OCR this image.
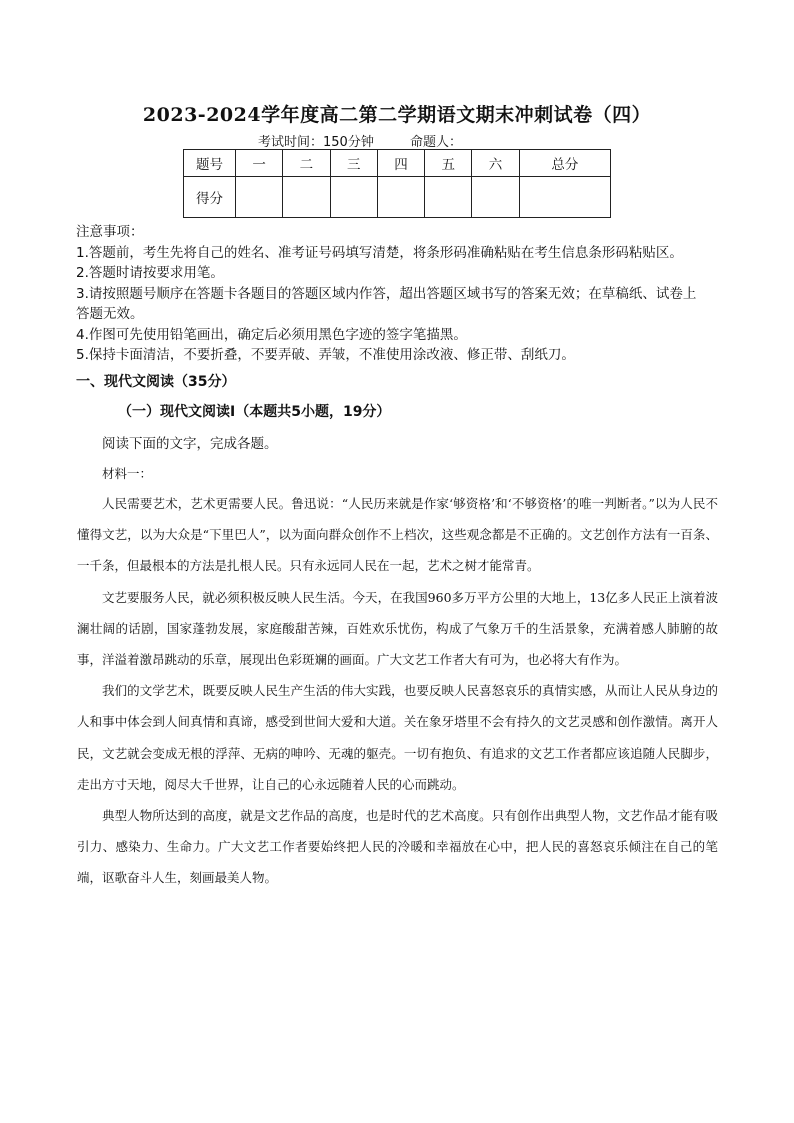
2023-2024学年度高二第二学期语文期末冲刺试卷（四）
考试时间：150分钟	命题人：
题号	一	二	三	四	五	六	总分
得分							
注意事项：
1.答题前，考生先将自己的姓名、准考证号码填写清楚，将条形码准确粘贴在考生信息条形码粘贴区。
2.答题时请按要求用笔。
3.请按照题号顺序在答题卡各题目的答题区域内作答，超出答题区域书写的答案无效；在草稿纸、试卷上
答题无效。
4.作图可先使用铅笔画出，确定后必须用黑色字迹的签字笔描黑。
5.保持卡面清洁，不要折叠，不要弄破、弄皱，不准使用涂改液、修正带、刮纸刀。
一、现代文阅读（35分）
（一）现代文阅读I（本题共5小题，19分）
阅读下面的文字，完成各题。
材料一：

人民需要艺术，艺术更需要人民。鲁迅说：“人民历来就是作家‘够资格’和‘不够资格’的唯一判断者。”以为人民不懂得文艺，以为大众是“下里巴人”，以为面向群众创作不上档次，这些观念都是不正确的。文艺创作方法有一百条、一千条，但最根本的方法是扎根人民。只有永远同人民在一起，艺术之树才能常青。

文艺要服务人民，就必须积极反映人民生活。今天，在我国960多万平方公里的大地上，13亿多人民正上演着波澜壮阔的话剧，国家蓬勃发展，家庭酸甜苦辣，百姓欢乐忧伤，构成了气象万千的生活景象，充满着感人肺腑的故事，洋溢着激昂跳动的乐章，展现出色彩斑斓的画面。广大文艺工作者大有可为，也必将大有作为。

我们的文学艺术，既要反映人民生产生活的伟大实践，也要反映人民喜怒哀乐的真情实感，从而让人民从身边的人和事中体会到人间真情和真谛，感受到世间大爱和大道。关在象牙塔里不会有持久的文艺灵感和创作激情。离开人民，文艺就会变成无根的浮萍、无病的呻吟、无魂的躯壳。一切有抱负、有追求的文艺工作者都应该追随人民脚步，走出方寸天地，阅尽大千世界，让自己的心永远随着人民的心而跳动。

典型人物所达到的高度，就是文艺作品的高度，也是时代的艺术高度。只有创作出典型人物，文艺作品才能有吸引力、感染力、生命力。广大文艺工作者要始终把人民的冷暖和幸福放在心中，把人民的喜怒哀乐倾注在自己的笔端，讴歌奋斗人生，刻画最美人物。
